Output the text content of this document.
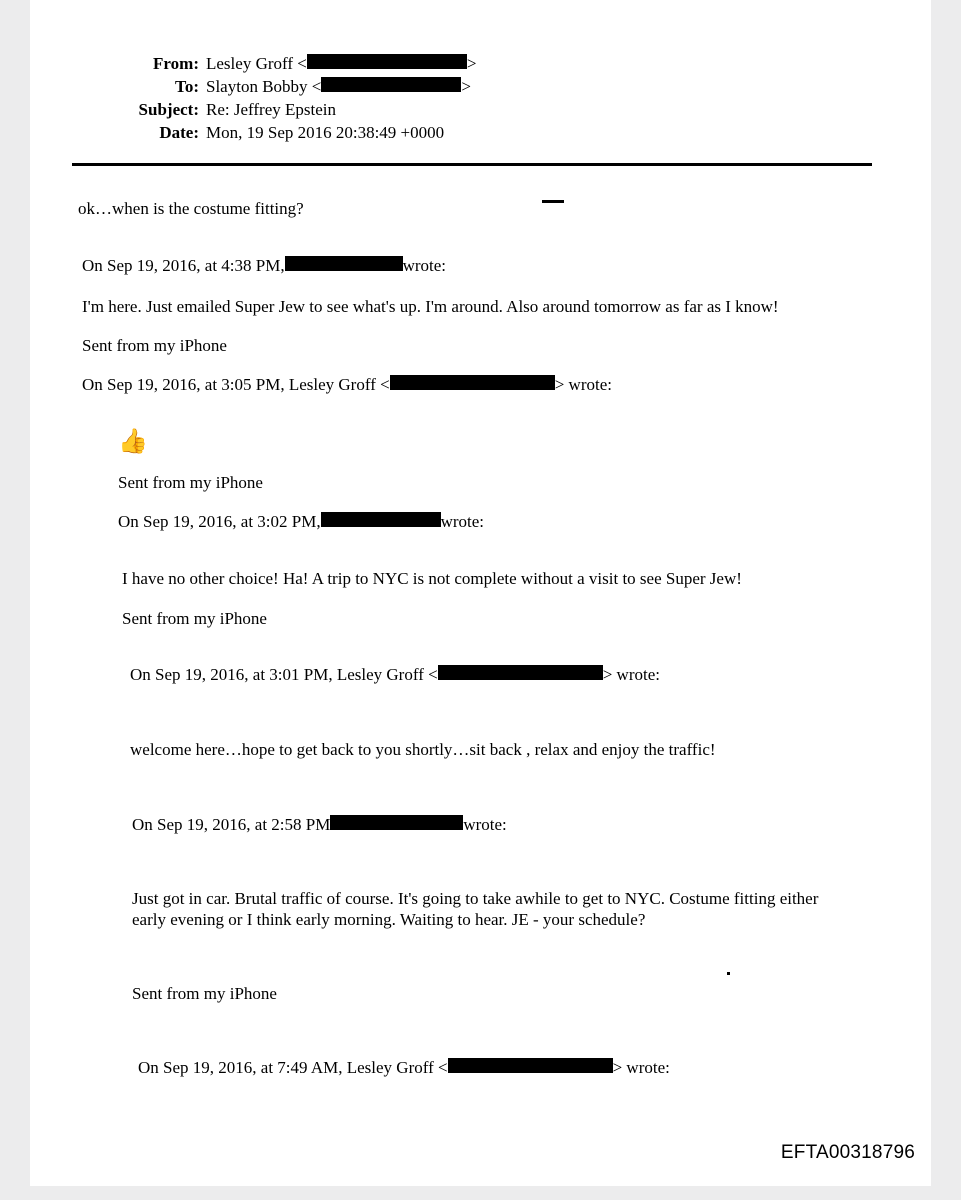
From: Lesley Groff <	>
To: Slayton Bobby <	>
Subject: Re: Jeffrey Epstein
Date: Mon, 19 Sep 2016 20:38:49 +0000
ok…when is the costume fitting?
On Sep 19, 2016, at 4:38 PM,	wrote:
I'm here. Just emailed Super Jew to see what's up. I'm around. Also around tomorrow as far as I know!
Sent from my iPhone
On Sep 19, 2016, at 3:05 PM, Lesley Groff <	> wrote:
👍
Sent from my iPhone
On Sep 19, 2016, at 3:02 PM,	wrote:
I have no other choice! Ha! A trip to NYC is not complete without a visit to see Super Jew!
Sent from my iPhone
On Sep 19, 2016, at 3:01 PM, Lesley Groff <	> wrote:
welcome here…hope to get back to you shortly…sit back , relax and enjoy the traffic!
On Sep 19, 2016, at 2:58 PM	wrote:
Just got in car. Brutal traffic of course. It's going to take awhile to get to NYC. Costume fitting either early evening or I think early morning. Waiting to hear. JE - your schedule?
Sent from my iPhone
On Sep 19, 2016, at 7:49 AM, Lesley Groff <	> wrote:
EFTA00318796
